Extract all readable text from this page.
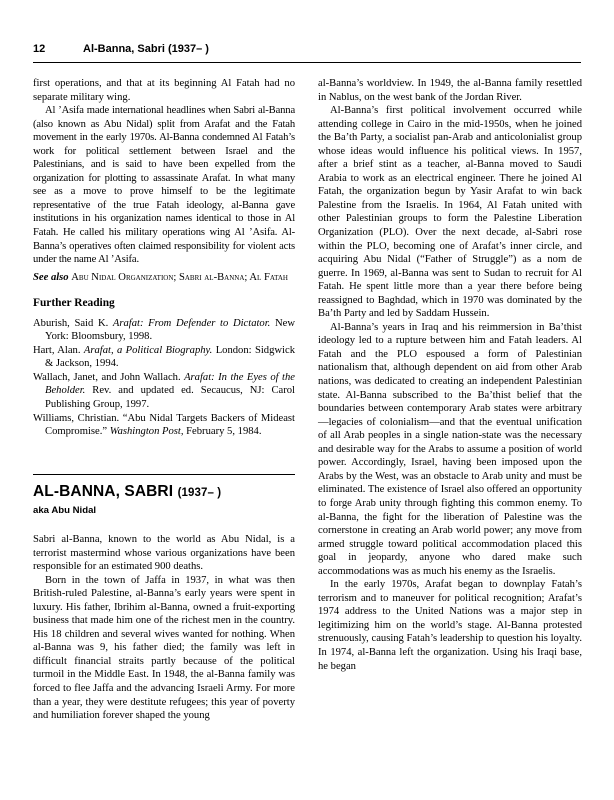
12	Al-Banna, Sabri (1937– )

first operations, and that at its beginning Al Fatah had no separate military wing.

Al ’Asifa made international headlines when Sabri al-Banna (also known as Abu Nidal) split from Arafat and the Fatah movement in the early 1970s. Al-Banna condemned Al Fatah’s work for political settlement between Israel and the Palestinians, and is said to have been expelled from the organization for plotting to assassinate Arafat. In what many see as a move to prove himself to be the legitimate representative of the true Fatah ideology, al-Banna gave institutions in his organization names identical to those in Al Fatah. He called his military operations wing Al ’Asifa. Al-Banna’s operatives often claimed responsibility for violent acts under the name Al ’Asifa.

See also Abu Nidal Organization; Sabri al-Banna; Al Fatah

Further Reading

Aburish, Said K. Arafat: From Defender to Dictator. New York: Bloomsbury, 1998.

Hart, Alan. Arafat, a Political Biography. London: Sidgwick & Jackson, 1994.

Wallach, Janet, and John Wallach. Arafat: In the Eyes of the Beholder. Rev. and updated ed. Secaucus, NJ: Carol Publishing Group, 1997.

Williams, Christian. “Abu Nidal Targets Backers of Mideast Compromise.” Washington Post, February 5, 1984.

AL-BANNA, SABRI (1937– )
aka Abu Nidal

Sabri al-Banna, known to the world as Abu Nidal, is a terrorist mastermind whose various organizations have been responsible for an estimated 900 deaths.

Born in the town of Jaffa in 1937, in what was then British-ruled Palestine, al-Banna’s early years were spent in luxury. His father, Ibrihim al-Banna, owned a fruit-exporting business that made him one of the richest men in the country. His 18 children and several wives wanted for nothing. When al-Banna was 9, his father died; the family was left in difficult financial straits partly because of the political turmoil in the Middle East. In 1948, the al-Banna family was forced to flee Jaffa and the advancing Israeli Army. For more than a year, they were destitute refugees; this year of poverty and humiliation forever shaped the young

al-Banna’s worldview. In 1949, the al-Banna family resettled in Nablus, on the west bank of the Jordan River.

Al-Banna’s first political involvement occurred while attending college in Cairo in the mid-1950s, when he joined the Ba’th Party, a socialist pan-Arab and anticolonialist group whose ideas would influence his political views. In 1957, after a brief stint as a teacher, al-Banna moved to Saudi Arabia to work as an electrical engineer. There he joined Al Fatah, the organization begun by Yasir Arafat to win back Palestine from the Israelis. In 1964, Al Fatah united with other Palestinian groups to form the Palestine Liberation Organization (PLO). Over the next decade, al-Sabri rose within the PLO, becoming one of Arafat’s inner circle, and acquiring Abu Nidal (“Father of Struggle”) as a nom de guerre. In 1969, al-Banna was sent to Sudan to recruit for Al Fatah. He spent little more than a year there before being reassigned to Baghdad, which in 1970 was dominated by the Ba’th Party and led by Saddam Hussein.

Al-Banna’s years in Iraq and his reimmersion in Ba’thist ideology led to a rupture between him and Fatah leaders. Al Fatah and the PLO espoused a form of Palestinian nationalism that, although dependent on aid from other Arab nations, was dedicated to creating an independent Palestinian state. Al-Banna subscribed to the Ba’thist belief that the boundaries between contemporary Arab states were arbitrary—legacies of colonialism—and that the eventual unification of all Arab peoples in a single nation-state was the necessary and desirable way for the Arabs to assume a position of world power. Accordingly, Israel, having been imposed upon the Arabs by the West, was an obstacle to Arab unity and must be eliminated. The existence of Israel also offered an opportunity to forge Arab unity through fighting this common enemy. To al-Banna, the fight for the liberation of Palestine was the cornerstone in creating an Arab world power; any move from armed struggle toward political accommodation placed this goal in jeopardy, anyone who dared make such accommodations was as much his enemy as the Israelis.

In the early 1970s, Arafat began to downplay Fatah’s terrorism and to maneuver for political recognition; Arafat’s 1974 address to the United Nations was a major step in legitimizing him on the world’s stage. Al-Banna protested strenuously, causing Fatah’s leadership to question his loyalty. In 1974, al-Banna left the organization. Using his Iraqi base, he began
